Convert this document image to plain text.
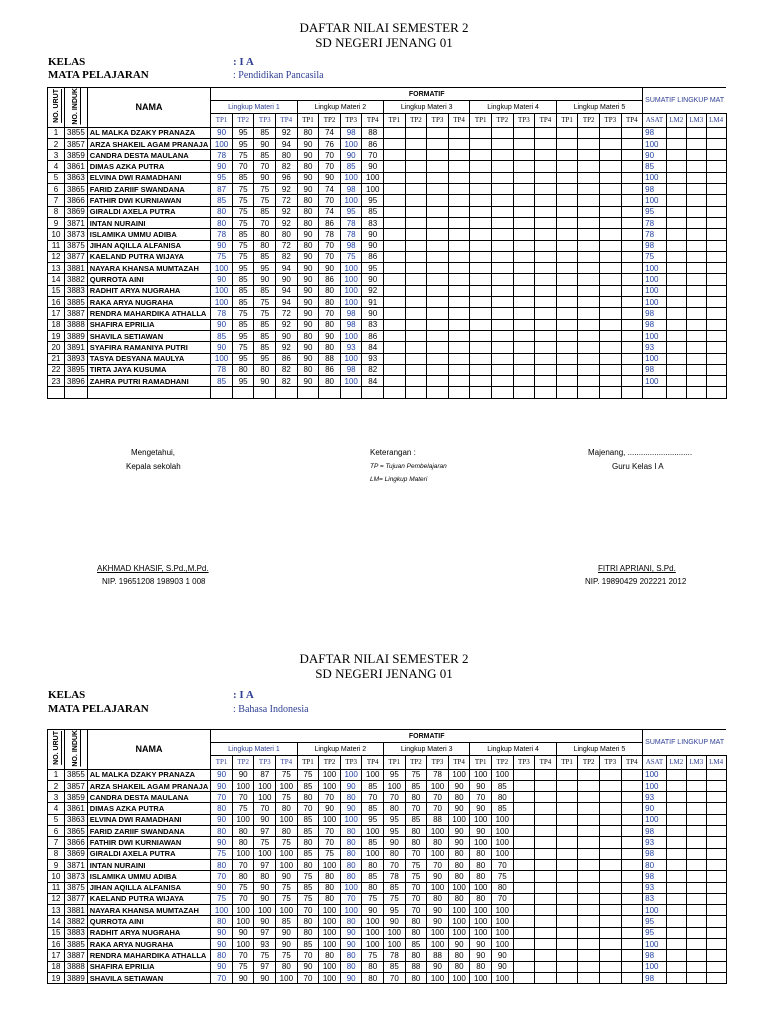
DAFTAR NILAI SEMESTER 2
SD NEGERI JENANG 01
KELAS	: I A
MATA PELAJARAN	: Pendidikan Pancasila
NO. URUT	NO. INDUK	NAMA	FORMATIF																				SUMATIF LINGKUP MAT			
			Lingkup Materi 1				Lingkup Materi 2				Lingkup Materi 3				Lingkup Materi 4				Lingkup Materi 5							
			TP1	TP2	TP3	TP4	TP1	TP2	TP3	TP4	TP1	TP2	TP3	TP4	TP1	TP2	TP3	TP4	TP1	TP2	TP3	TP4	ASAT	LM2	LM3	LM4
1	3855	AL MALKA DZAKY PRANAZA	90	95	85	92	80	74	98	88													98			
2	3857	ARZA SHAKEIL AGAM PRANAJA	100	95	90	94	90	76	100	86													100			
3	3859	CANDRA DESTA MAULANA	78	75	85	80	90	70	90	70													90			
4	3861	DIMAS AZKA PUTRA	90	70	70	82	80	70	85	90													85			
5	3863	ELVINA DWI RAMADHANI	95	85	90	96	90	90	100	100													100			
6	3865	FARID ZARIIF SWANDANA	87	75	75	92	90	74	98	100													98			
7	3866	FATHIR DWI KURNIAWAN	85	75	75	72	80	70	100	95													100			
8	3869	GIRALDI AXELA PUTRA	80	75	85	92	80	74	95	85													95			
9	3871	INTAN NURAINI	80	75	70	92	80	86	78	83													78			
10	3873	ISLAMIKA UMMU ADIBA	78	85	80	80	90	78	78	90													78			
11	3875	JIHAN AQILLA ALFANISA	90	75	80	72	80	70	98	90													98			
12	3877	KAELAND PUTRA WIJAYA	75	75	85	82	90	70	75	86													75			
13	3881	NAYARA KHANSA MUMTAZAH	100	95	95	94	90	90	100	95													100			
14	3882	QURROTA AINI	90	85	90	90	90	86	100	90													100			
15	3883	RADHIT ARYA NUGRAHA	100	85	85	94	90	80	100	92													100			
16	3885	RAKA ARYA NUGRAHA	100	85	75	94	90	80	100	91													100			
17	3887	RENDRA MAHARDIKA ATHALLA	78	75	75	72	90	70	98	90													98			
18	3888	SHAFIRA EPRILIA	90	85	85	92	90	80	98	83													98			
19	3889	SHAVILA SETIAWAN	85	95	85	90	80	90	100	86													100			
20	3891	SYAFIRA RAMANIYA PUTRI	90	75	85	92	90	80	93	84													93			
21	3893	TASYA DESYANA MAULYA	100	95	95	86	90	88	100	93													100			
22	3895	TIRTA JAYA KUSUMA	78	80	80	82	80	86	98	82													98			
23	3896	ZAHRA PUTRI RAMADHANI	85	95	90	82	90	80	100	84													100			

Mengetahui,
Kepala sekolah
Keterangan :
TP = Tujuan Pembelajaran
LM= Lingkup Materi
Majenang, .............................
Guru Kelas I A
AKHMAD KHASIF, S.Pd.,M.Pd.
NIP. 19651208 198903 1 008
FITRI APRIANI, S.Pd.
NIP. 19890429 202221 2012
DAFTAR NILAI SEMESTER 2
SD NEGERI JENANG 01
KELAS	: I A
MATA PELAJARAN	: Bahasa Indonesia
NO. URUT	NO. INDUK	NAMA	FORMATIF																				SUMATIF LINGKUP MAT			
			Lingkup Materi 1				Lingkup Materi 2				Lingkup Materi 3				Lingkup Materi 4				Lingkup Materi 5							
			TP1	TP2	TP3	TP4	TP1	TP2	TP3	TP4	TP1	TP2	TP3	TP4	TP1	TP2	TP3	TP4	TP1	TP2	TP3	TP4	ASAT	LM2	LM3	LM4
1	3855	AL MALKA DZAKY PRANAZA	90	90	87	75	75	100	100	100	95	75	78	100	100	100							100			
2	3857	ARZA SHAKEIL AGAM PRANAJA	90	100	100	100	85	100	90	85	100	85	100	90	90	85							100			
3	3859	CANDRA DESTA MAULANA	70	70	100	75	80	70	80	70	70	80	70	80	70	80							93			
4	3861	DIMAS AZKA PUTRA	80	75	70	80	70	90	90	85	80	70	70	90	90	85							90			
5	3863	ELVINA DWI RAMADHANI	90	100	90	100	85	100	100	95	95	85	88	100	100	100							100			
6	3865	FARID ZARIIF SWANDANA	80	80	97	80	85	70	80	100	95	80	100	90	90	100							98			
7	3866	FATHIR DWI KURNIAWAN	90	80	75	75	80	70	80	85	90	80	80	90	100	100							93			
8	3869	GIRALDI AXELA PUTRA	75	100	100	100	85	75	80	100	80	70	100	80	80	100							98			
9	3871	INTAN NURAINI	80	70	97	100	80	100	80	80	70	75	70	80	80	70							80			
10	3873	ISLAMIKA UMMU ADIBA	70	80	80	90	75	80	80	85	78	75	90	80	80	75							98			
11	3875	JIHAN AQILLA ALFANISA	90	75	90	75	85	80	100	80	85	70	100	100	100	80							93			
12	3877	KAELAND PUTRA WIJAYA	75	70	90	75	75	80	70	75	75	70	80	80	80	70							83			
13	3881	NAYARA KHANSA MUMTAZAH	100	100	100	100	70	100	100	90	95	70	90	100	100	100							100			
14	3882	QURROTA AINI	80	100	90	85	80	100	80	100	90	80	90	100	100	100							95			
15	3883	RADHIT ARYA NUGRAHA	90	90	97	90	80	100	90	100	100	80	100	100	100	100							95			
16	3885	RAKA ARYA NUGRAHA	90	100	93	90	85	100	90	100	100	85	100	90	90	100							100			
17	3887	RENDRA MAHARDIKA ATHALLA	80	70	75	75	70	80	80	75	78	80	88	80	90	90							98			
18	3888	SHAFIRA EPRILIA	90	75	97	80	90	100	80	80	85	88	90	80	80	90							100			
19	3889	SHAVILA SETIAWAN	70	90	90	100	70	100	90	80	70	80	100	100	100	100							98			
